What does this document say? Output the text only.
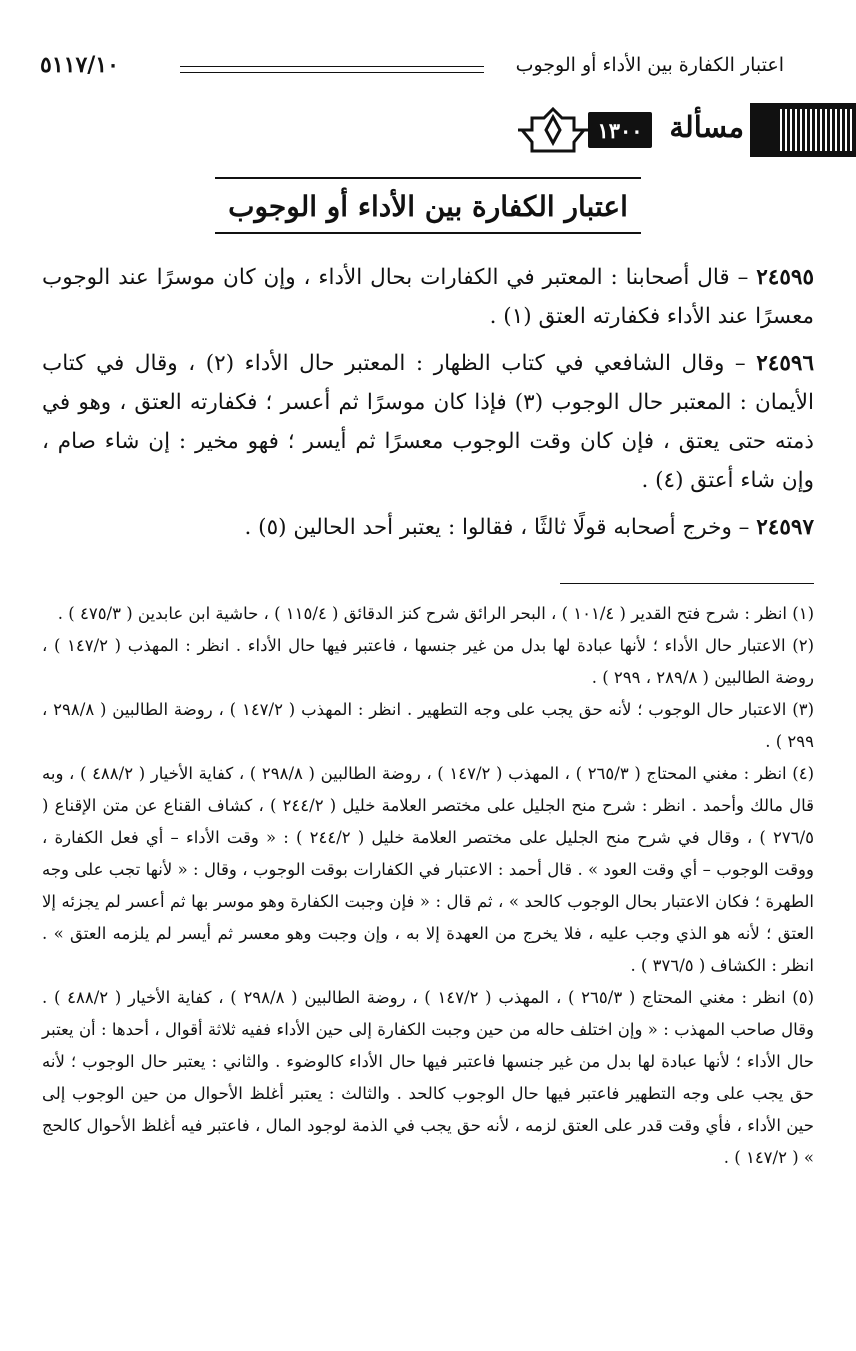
اعتبار الكفارة بين الأداء أو الوجوب
٥١١٧/١٠
مسألة
١٣٠٠
اعتبار الكفارة بين الأداء أو الوجوب

٢٤٥٩٥ – قال أصحابنا : المعتبر في الكفارات بحال الأداء ، وإن كان موسرًا عند الوجوب معسرًا عند الأداء فكفارته العتق (١) .

٢٤٥٩٦ – وقال الشافعي في كتاب الظهار : المعتبر حال الأداء (٢) ، وقال في كتاب الأيمان : المعتبر حال الوجوب (٣) فإذا كان موسرًا ثم أعسر ؛ فكفارته العتق ، وهو في ذمته حتى يعتق ، فإن كان وقت الوجوب معسرًا ثم أيسر ؛ فهو مخير : إن شاء صام ، وإن شاء أعتق (٤) .

٢٤٥٩٧ – وخرج أصحابه قولًا ثالثًا ، فقالوا : يعتبر أحد الحالين (٥) .

(١) انظر : شرح فتح القدير ( ١٠١/٤ ) ، البحر الرائق شرح كنز الدقائق ( ١١٥/٤ ) ، حاشية ابن عابدين ( ٤٧٥/٣ ) .

(٢) الاعتبار حال الأداء ؛ لأنها عبادة لها بدل من غير جنسها ، فاعتبر فيها حال الأداء . انظر : المهذب ( ١٤٧/٢ ) ، روضة الطالبين ( ٢٨٩/٨ ، ٢٩٩ ) .

(٣) الاعتبار حال الوجوب ؛ لأنه حق يجب على وجه التطهير . انظر : المهذب ( ١٤٧/٢ ) ، روضة الطالبين ( ٢٩٨/٨ ، ٢٩٩ ) .

(٤) انظر : مغني المحتاج ( ٢٦٥/٣ ) ، المهذب ( ١٤٧/٢ ) ، روضة الطالبين ( ٢٩٨/٨ ) ، كفاية الأخيار ( ٤٨٨/٢ ) ، وبه قال مالك وأحمد . انظر : شرح منح الجليل على مختصر العلامة خليل ( ٢٤٤/٢ ) ، كشاف القناع عن متن الإقناع ( ٢٧٦/٥ ) ، وقال في شرح منح الجليل على مختصر العلامة خليل ( ٢٤٤/٢ ) : « وقت الأداء – أي فعل الكفارة ، ووقت الوجوب – أي وقت العود » . قال أحمد : الاعتبار في الكفارات بوقت الوجوب ، وقال : « لأنها تجب على وجه الطهرة ؛ فكان الاعتبار بحال الوجوب كالحد » ، ثم قال : « فإن وجبت الكفارة وهو موسر بها ثم أعسر لم يجزئه إلا العتق ؛ لأنه هو الذي وجب عليه ، فلا يخرج من العهدة إلا به ، وإن وجبت وهو معسر ثم أيسر لم يلزمه العتق » . انظر : الكشاف ( ٣٧٦/٥ ) .

(٥) انظر : مغني المحتاج ( ٢٦٥/٣ ) ، المهذب ( ١٤٧/٢ ) ، روضة الطالبين ( ٢٩٨/٨ ) ، كفاية الأخيار ( ٤٨٨/٢ ) . وقال صاحب المهذب : « وإن اختلف حاله من حين وجبت الكفارة إلى حين الأداء ففيه ثلاثة أقوال ، أحدها : أن يعتبر حال الأداء ؛ لأنها عبادة لها بدل من غير جنسها فاعتبر فيها حال الأداء كالوضوء . والثاني : يعتبر حال الوجوب ؛ لأنه حق يجب على وجه التطهير فاعتبر فيها حال الوجوب كالحد . والثالث : يعتبر أغلظ الأحوال من حين الوجوب إلى حين الأداء ، فأي وقت قدر على العتق لزمه ، لأنه حق يجب في الذمة لوجود المال ، فاعتبر فيه أغلظ الأحوال كالحج » ( ١٤٧/٢ ) .
